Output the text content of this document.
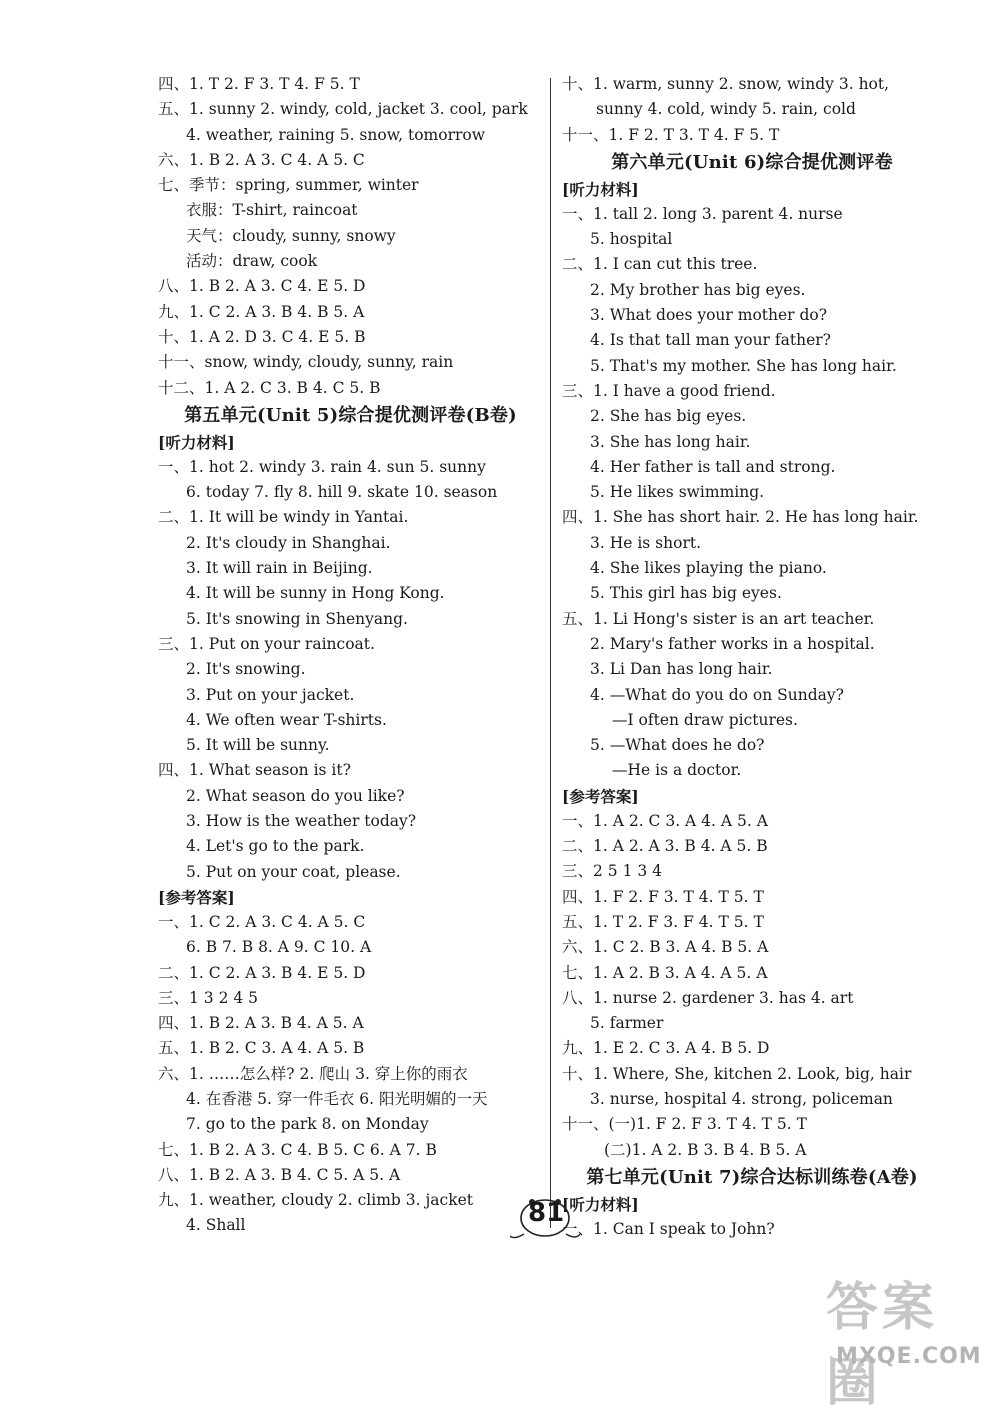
四、1. T 2. F 3. T 4. F 5. T
五、1. sunny 2. windy, cold, jacket 3. cool, park
4. weather, raining 5. snow, tomorrow
六、1. B 2. A 3. C 4. A 5. C
七、季节：spring, summer, winter
衣服：T-shirt, raincoat
天气：cloudy, sunny, snowy
活动：draw, cook
八、1. B 2. A 3. C 4. E 5. D
九、1. C 2. A 3. B 4. B 5. A
十、1. A 2. D 3. C 4. E 5. B
十一、snow, windy, cloudy, sunny, rain
十二、1. A 2. C 3. B 4. C 5. B
第五单元(Unit 5)综合提优测评卷(B卷)
[听力材料]
一、1. hot 2. windy 3. rain 4. sun 5. sunny
6. today 7. fly 8. hill 9. skate 10. season
二、1. It will be windy in Yantai.
2. It's cloudy in Shanghai.
3. It will rain in Beijing.
4. It will be sunny in Hong Kong.
5. It's snowing in Shenyang.
三、1. Put on your raincoat.
2. It's snowing.
3. Put on your jacket.
4. We often wear T-shirts.
5. It will be sunny.
四、1. What season is it?
2. What season do you like?
3. How is the weather today?
4. Let's go to the park.
5. Put on your coat, please.
[参考答案]
一、1. C 2. A 3. C 4. A 5. C
6. B 7. B 8. A 9. C 10. A
二、1. C 2. A 3. B 4. E 5. D
三、1 3 2 4 5
四、1. B 2. A 3. B 4. A 5. A
五、1. B 2. C 3. A 4. A 5. B
六、1. ……怎么样? 2. 爬山 3. 穿上你的雨衣
4. 在香港 5. 穿一件毛衣 6. 阳光明媚的一天
7. go to the park 8. on Monday
七、1. B 2. A 3. C 4. B 5. C 6. A 7. B
八、1. B 2. A 3. B 4. C 5. A 5. A
九、1. weather, cloudy 2. climb 3. jacket
4. Shall
十、1. warm, sunny 2. snow, windy 3. hot,
sunny 4. cold, windy 5. rain, cold
十一、1. F 2. T 3. T 4. F 5. T
第六单元(Unit 6)综合提优测评卷
[听力材料]
一、1. tall 2. long 3. parent 4. nurse
5. hospital
二、1. I can cut this tree.
2. My brother has big eyes.
3. What does your mother do?
4. Is that tall man your father?
5. That's my mother. She has long hair.
三、1. I have a good friend.
2. She has big eyes.
3. She has long hair.
4. Her father is tall and strong.
5. He likes swimming.
四、1. She has short hair. 2. He has long hair.
3. He is short.
4. She likes playing the piano.
5. This girl has big eyes.
五、1. Li Hong's sister is an art teacher.
2. Mary's father works in a hospital.
3. Li Dan has long hair.
4. —What do you do on Sunday?
—I often draw pictures.
5. —What does he do?
—He is a doctor.
[参考答案]
一、1. A 2. C 3. A 4. A 5. A
二、1. A 2. A 3. B 4. A 5. B
三、2 5 1 3 4
四、1. F 2. F 3. T 4. T 5. T
五、1. T 2. F 3. F 4. T 5. T
六、1. C 2. B 3. A 4. B 5. A
七、1. A 2. B 3. A 4. A 5. A
八、1. nurse 2. gardener 3. has 4. art
5. farmer
九、1. E 2. C 3. A 4. B 5. D
十、1. Where, She, kitchen 2. Look, big, hair
3. nurse, hospital 4. strong, policeman
十一、(一)1. F 2. F 3. T 4. T 5. T
(二)1. A 2. B 3. B 4. B 5. A
第七单元(Unit 7)综合达标训练卷(A卷)
[听力材料]
一、1. Can I speak to John?
81
答案圈
MXQE.COM
